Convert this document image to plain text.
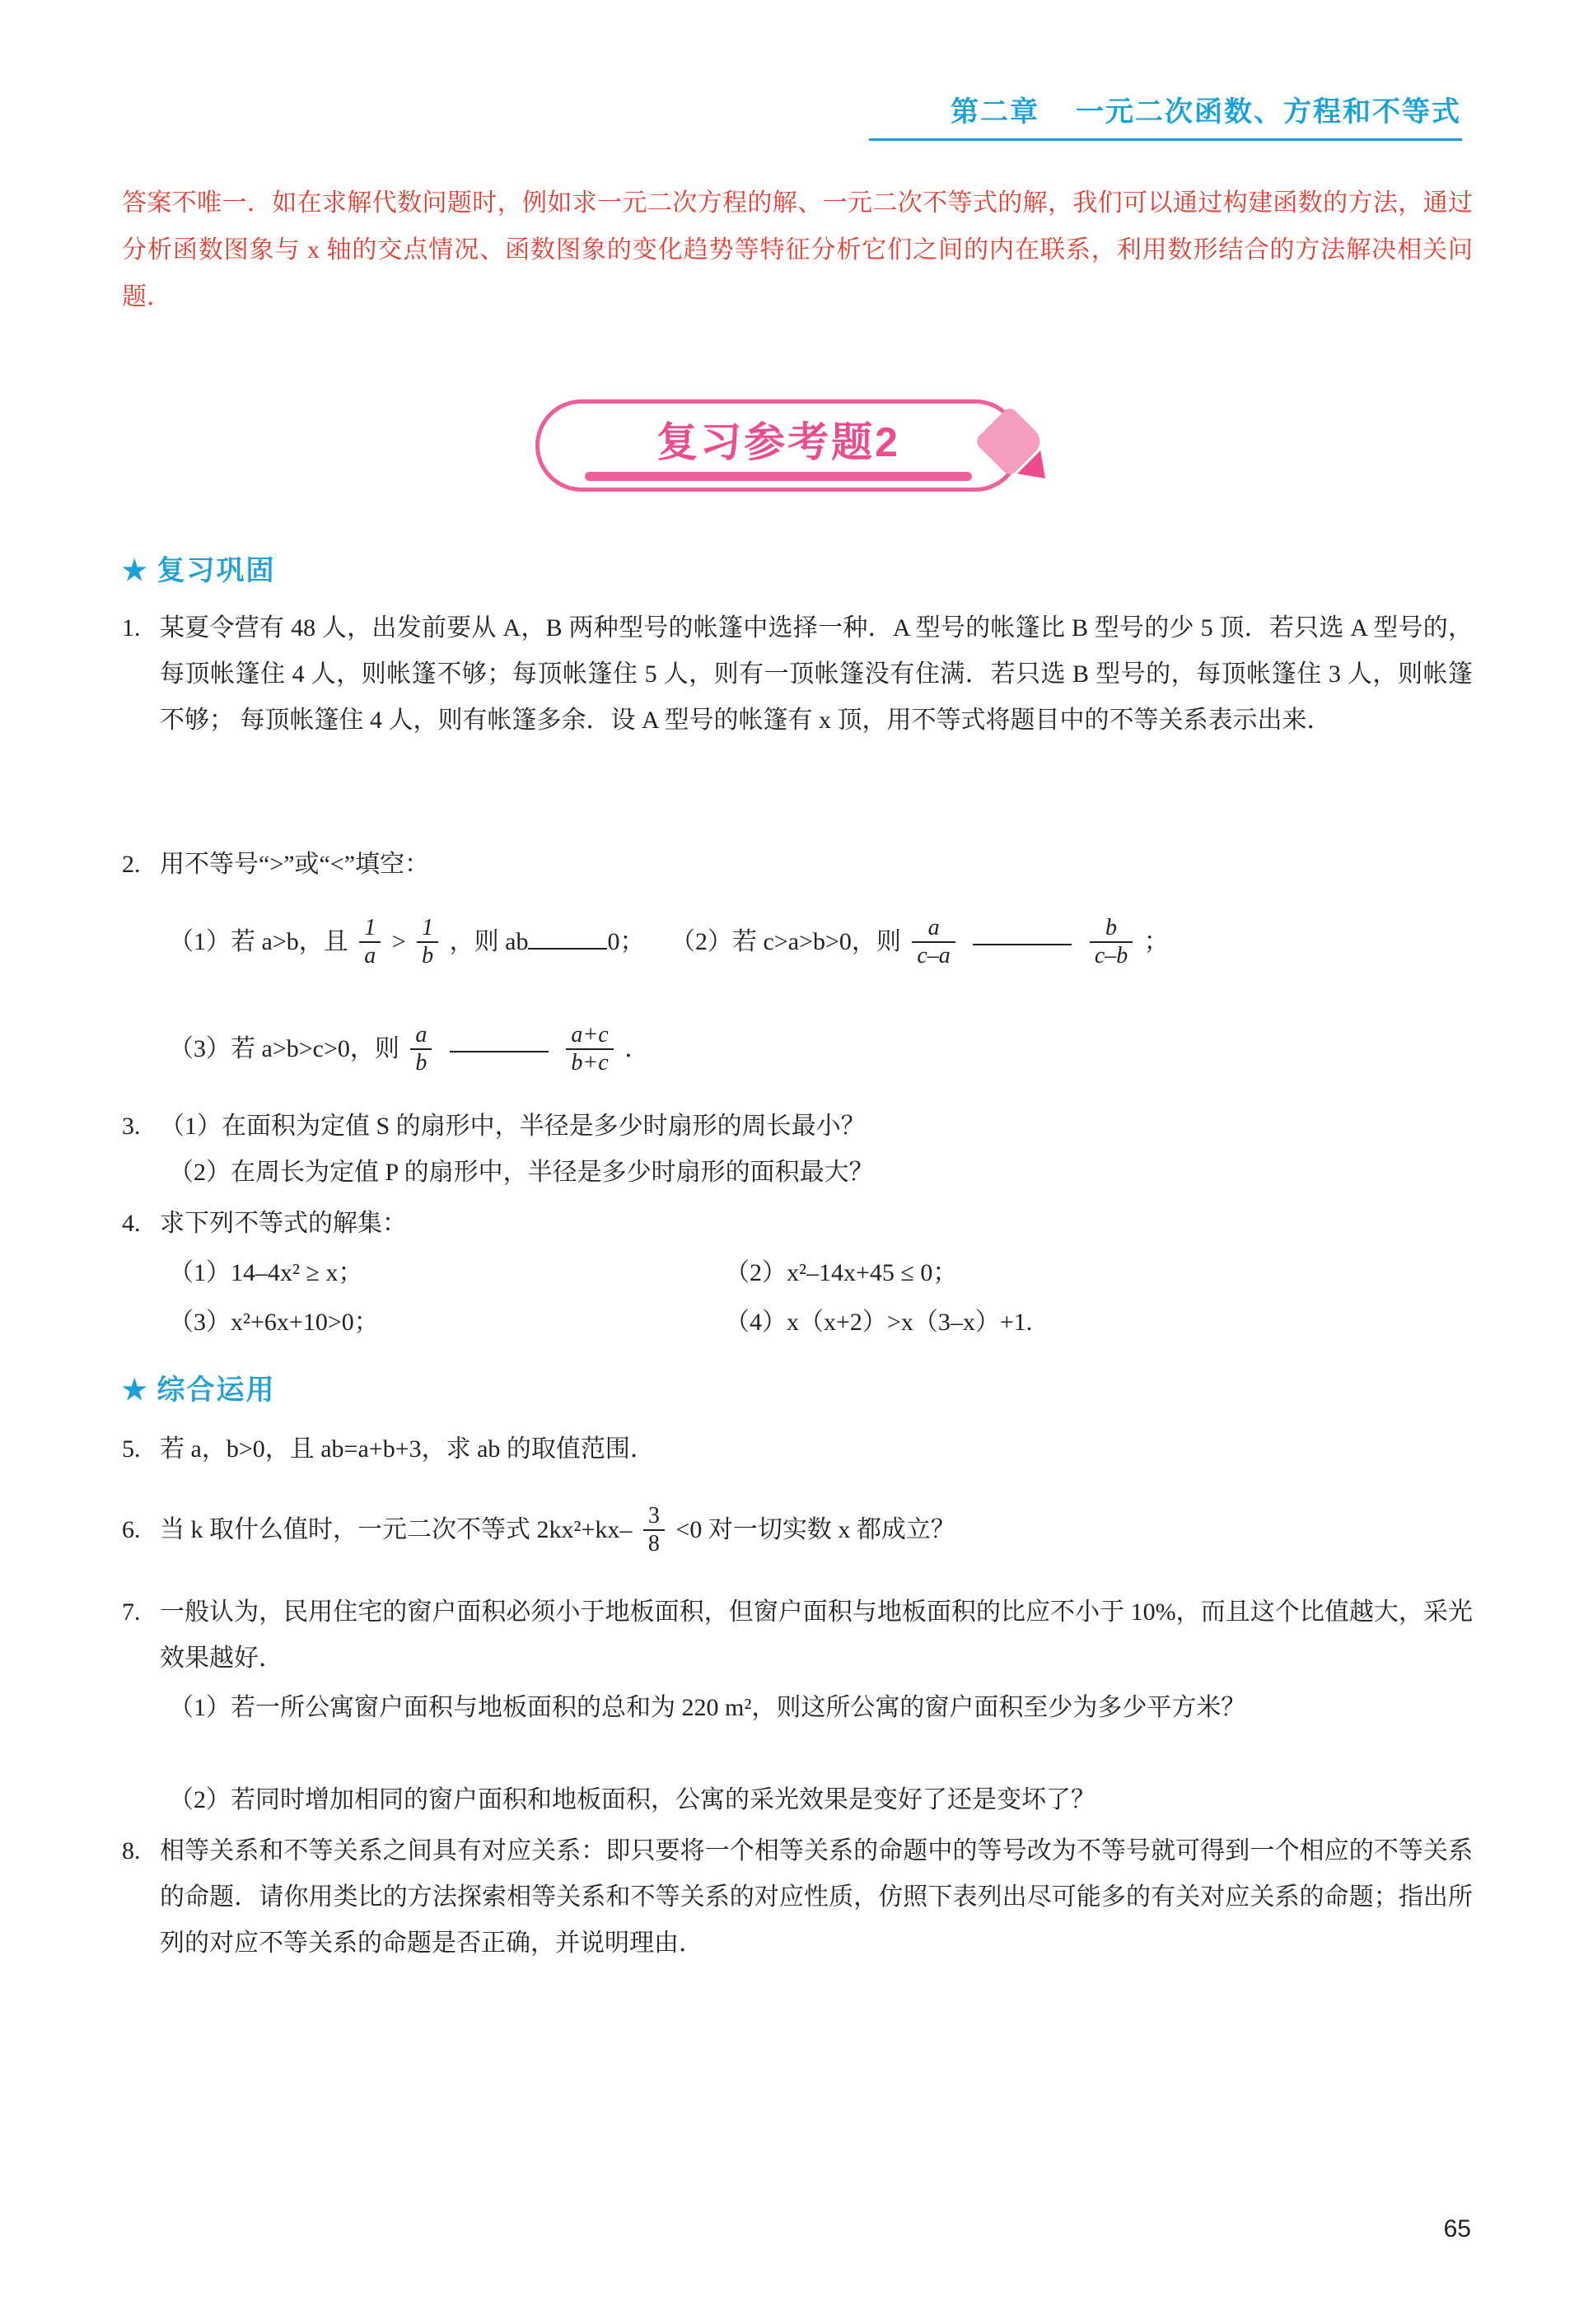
第二章 一元二次函数、方程和不等式
答案不唯一．如在求解代数问题时，例如求一元二次方程的解、一元二次不等式的解，我们可以通过构建函数的方法，通过分析函数图象与 x 轴的交点情况、函数图象的变化趋势等特征分析它们之间的内在联系，利用数形结合的方法解决相关问题．
复习参考题2
★ 复习巩固
1. 某夏令营有 48 人，出发前要从 A，B 两种型号的帐篷中选择一种．A 型号的帐篷比 B 型号的少 5 顶．若只选 A 型号的，每顶帐篷住 4 人，则帐篷不够；每顶帐篷住 5 人，则有一顶帐篷没有住满．若只选 B 型号的，每顶帐篷住 3 人，则帐篷不够； 每顶帐篷住 4 人，则有帐篷多余．设 A 型号的帐篷有 x 顶，用不等式将题目中的不等关系表示出来．
2. 用不等号“>”或“<”填空：
（1）若 a>b，且 $\frac{1}{a} > \frac{1}{b}$ ，则 ab	0； （2）若 c>a>b>0，则 $\frac{a}{c-a}$
	$\frac{b}{c-b}$ ；
（3）若 a>b>c>0，则 $\frac{a}{b}$
	$\frac{a+c}{b+c}$ ．
3. （1）在面积为定值 S 的扇形中，半径是多少时扇形的周长最小？
（2）在周长为定值 P 的扇形中，半径是多少时扇形的面积最大？
4. 求下列不等式的解集：
（1）14–4x² ≥ x；	（2）x²–14x+45 ≤ 0；
（3）x²+6x+10>0；	（4）x（x+2）>x（3–x）+1.
★ 综合运用
5. 若 a，b>0，且 ab=a+b+3，求 ab 的取值范围．
6. 当 k 取什么值时，一元二次不等式 $2kx^2+kx- \frac{3}{8} <0$ 对一切实数 x 都成立？
7. 一般认为，民用住宅的窗户面积必须小于地板面积，但窗户面积与地板面积的比应不小于 10%，而且这个比值越大，采光效果越好．
（1）若一所公寓窗户面积与地板面积的总和为 220 m²，则这所公寓的窗户面积至少为多少平方米？
（2）若同时增加相同的窗户面积和地板面积，公寓的采光效果是变好了还是变坏了？
8. 相等关系和不等关系之间具有对应关系：即只要将一个相等关系的命题中的等号改为不等号就可得到一个相应的不等关系的命题．请你用类比的方法探索相等关系和不等关系的对应性质，仿照下表列出尽可能多的有关对应关系的命题；指出所列的对应不等关系的命题是否正确，并说明理由．
65
